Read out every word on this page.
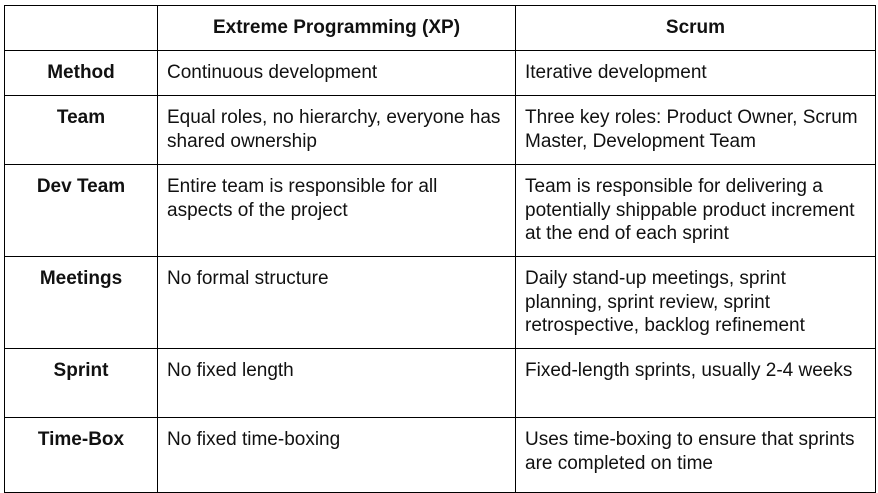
	Extreme Programming (XP)	Scrum
Method	Continuous development	Iterative development
Team	Equal roles, no hierarchy, everyone has shared ownership	Three key roles: Product Owner, Scrum Master, Development Team
Dev Team	Entire team is responsible for all aspects of the project	Team is responsible for delivering a potentially shippable product increment at the end of each sprint
Meetings	No formal structure	Daily stand-up meetings, sprint planning, sprint review, sprint retrospective, backlog refinement
Sprint	No fixed length	Fixed-length sprints, usually 2-4 weeks
Time-Box	No fixed time-boxing	Uses time-boxing to ensure that sprints are completed on time
